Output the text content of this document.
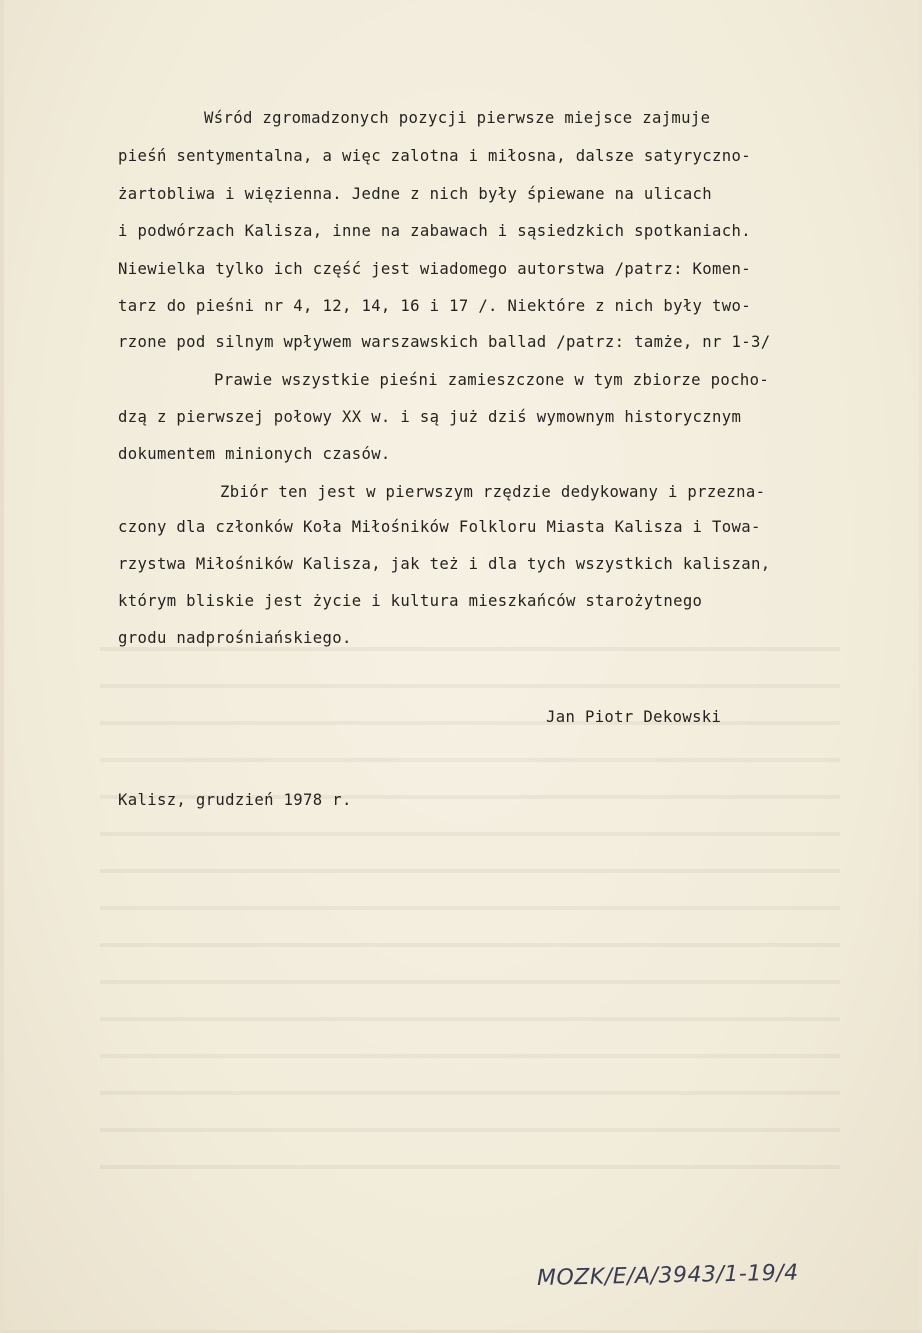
Wśród zgromadzonych pozycji pierwsze miejsce zajmuje

pieśń sentymentalna, a więc zalotna i miłosna, dalsze satyryczno-

żartobliwa i więzienna. Jedne z nich były śpiewane na ulicach

i podwórzach Kalisza, inne na zabawach i sąsiedzkich spotkaniach.

Niewielka tylko ich część jest wiadomego autorstwa /patrz: Komen-

tarz do pieśni nr 4, 12, 14, 16 i 17 /. Niektóre z nich były two-

rzone pod silnym wpływem warszawskich ballad /patrz: tamże, nr 1-3/

Prawie wszystkie pieśni zamieszczone w tym zbiorze pocho-

dzą z pierwszej połowy XX w. i są już dziś wymownym historycznym

dokumentem minionych czasów.

Zbiór ten jest w pierwszym rzędzie dedykowany i przezna-

czony dla członków Koła Miłośników Folkloru Miasta Kalisza i Towa-

rzystwa Miłośników Kalisza, jak też i dla tych wszystkich kaliszan,

którym bliskie jest życie i kultura mieszkańców starożytnego

grodu nadprośniańskiego.

Jan Piotr Dekowski
Kalisz, grudzień 1978 r.
MOZK/E/A/3943/1-19/4
